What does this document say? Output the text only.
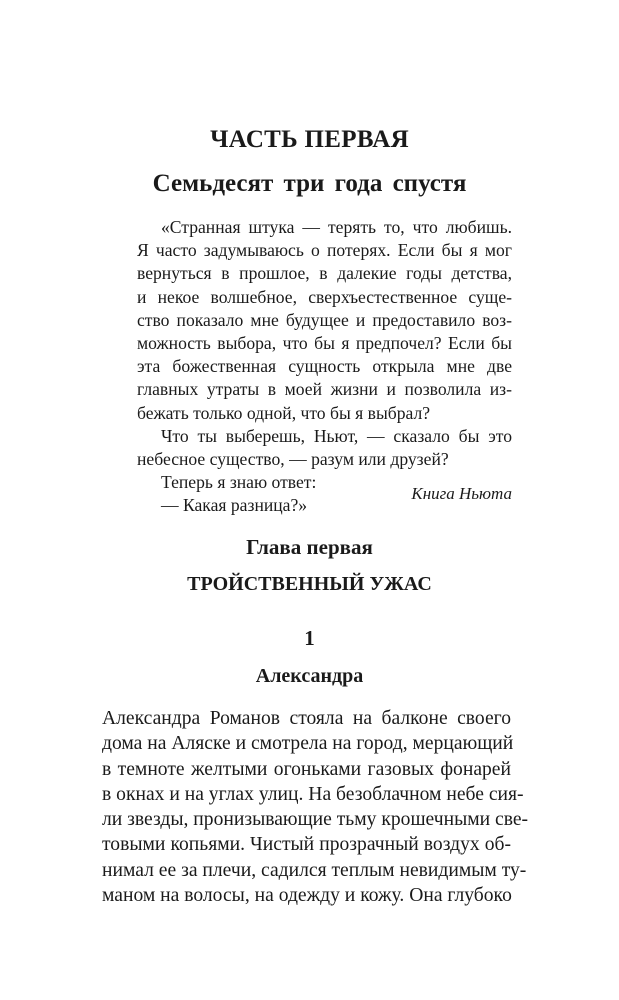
ЧАСТЬ ПЕРВАЯ
Семьдесят три года спустя
«Странная штука — терять то, что любишь.
Я часто задумываюсь о потерях. Если бы я мог
вернуться в прошлое, в далекие годы детства,
и некое волшебное, сверхъестественное суще-
ство показало мне будущее и предоставило воз-
можность выбора, что бы я предпочел? Если бы
эта божественная сущность открыла мне две
главных утраты в моей жизни и позволила из-
бежать только одной, что бы я выбрал?
Что ты выберешь, Ньют, — сказало бы это
небесное существо, — разум или друзей?
Теперь я знаю ответ:
— Какая разница?»
Книга Ньюта
Глава первая
ТРОЙСТВЕННЫЙ УЖАС
1
Александра
Александра Романов стояла на балконе своего
дома на Аляске и смотрела на город, мерцающий
в темноте желтыми огоньками газовых фонарей
в окнах и на углах улиц. На безоблачном небе сия-
ли звезды, пронизывающие тьму крошечными све-
товыми копьями. Чистый прозрачный воздух об-
нимал ее за плечи, садился теплым невидимым ту-
маном на волосы, на одежду и кожу. Она глубоко
